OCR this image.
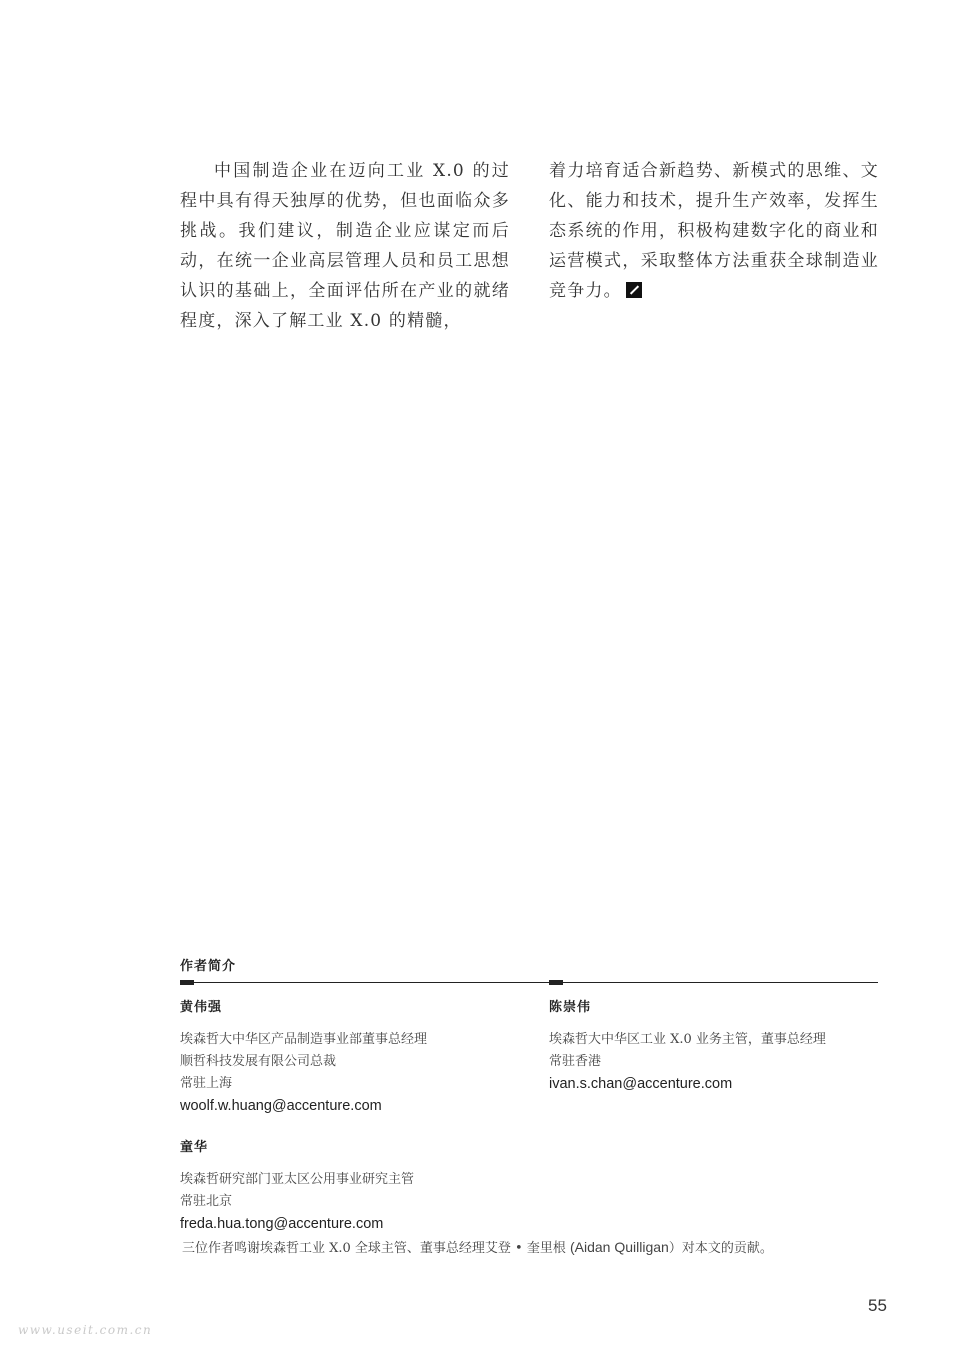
中国制造企业在迈向工业 X.0 的过程中具有得天独厚的优势，但也面临众多挑战。我们建议，制造企业应谋定而后动，在统一企业高层管理人员和员工思想认识的基础上，全面评估所在产业的就绪程度，深入了解工业 X.0 的精髓，

着力培育适合新趋势、新模式的思维、文化、能力和技术，提升生产效率，发挥生态系统的作用，积极构建数字化的商业和运营模式，采取整体方法重获全球制造业竞争力。

作者简介
黄伟强
埃森哲大中华区产品制造事业部董事总经理
顺哲科技发展有限公司总裁
常驻上海
woolf.w.huang@accenture.com
陈崇伟
埃森哲大中华区工业 X.0 业务主管，董事总经理
常驻香港
ivan.s.chan@accenture.com
童华
埃森哲研究部门亚太区公用事业研究主管
常驻北京
freda.hua.tong@accenture.com
三位作者鸣谢埃森哲工业 X.0 全球主管、董事总经理艾登 • 奎里根 (Aidan Quilligan）对本文的贡献。
55
www.useit.com.cn
